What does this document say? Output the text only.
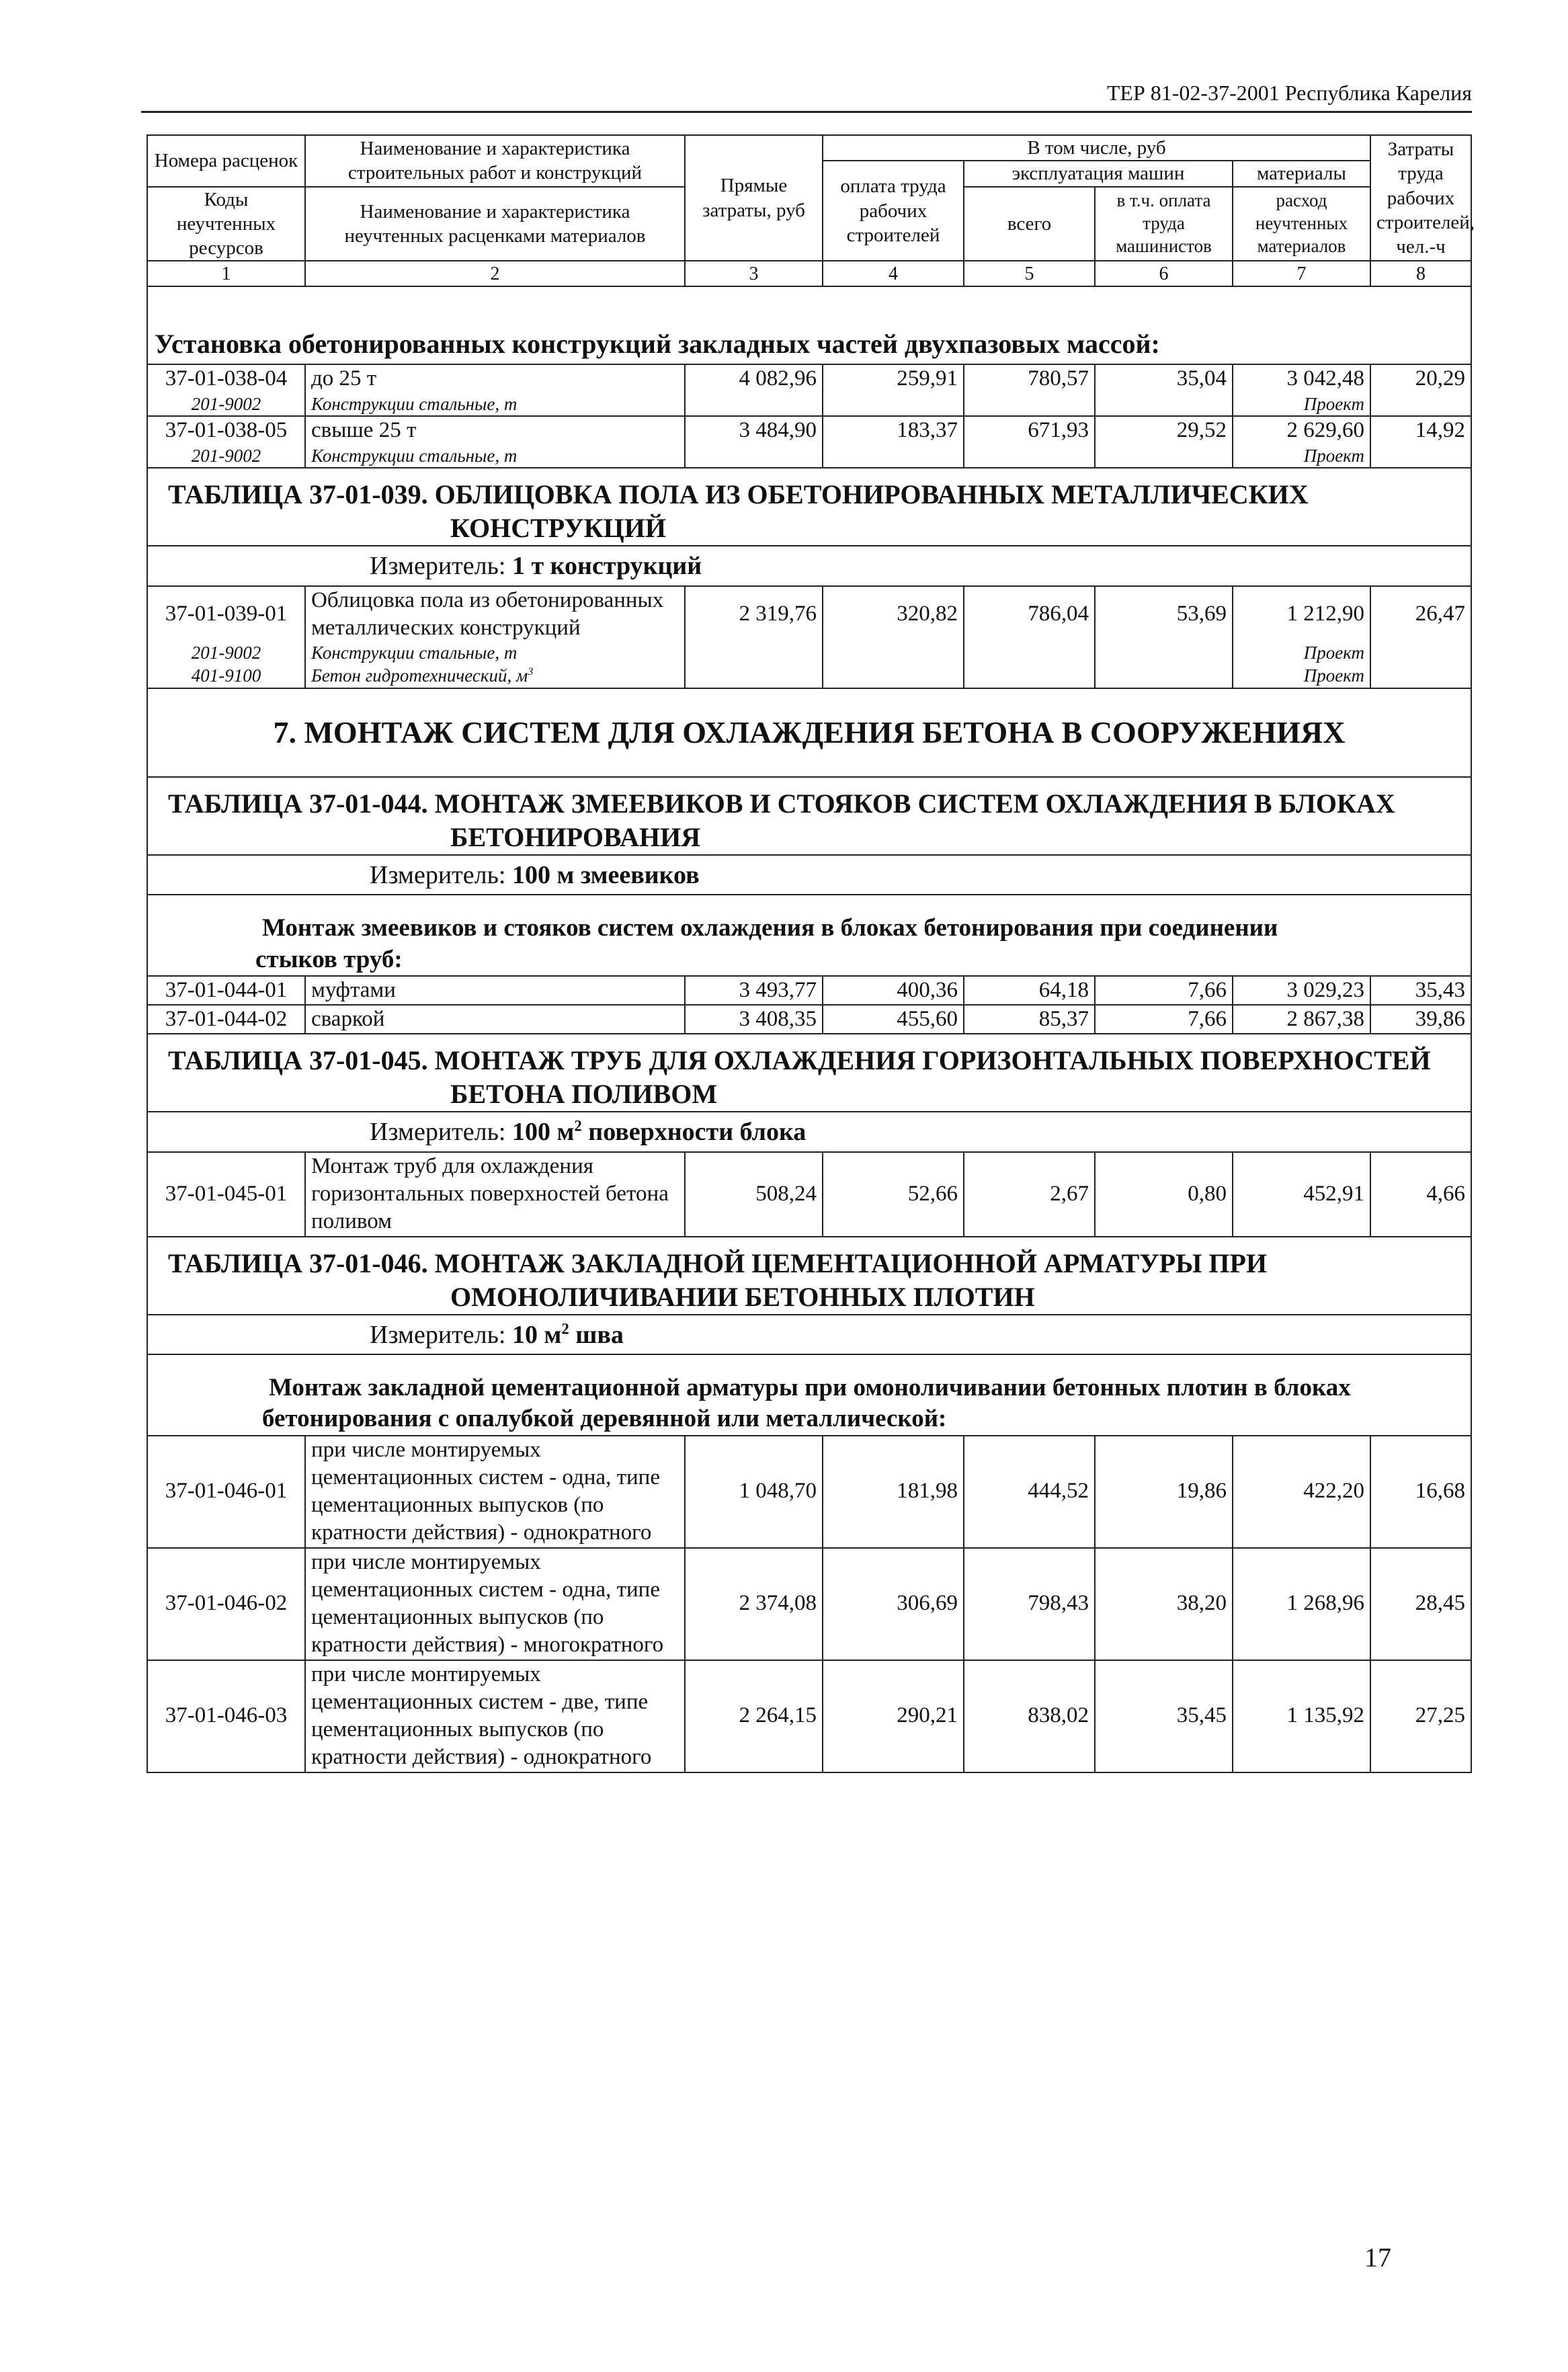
ТЕР 81-02-37-2001 Республика Карелия
Номера расценок	Наименование и характеристика строительных работ и конструкций	Прямые затраты, руб	В том числе, руб				Затраты труда рабочих строителей, чел.-ч
			оплата труда рабочих строителей	эксплуатация машин		материалы	
Коды неучтенных ресурсов	Наименование и характеристика неучтенных расценками материалов			всего	в т.ч. оплата труда машинистов	расход неучтенных материалов	

1	2	3	4	5	6	7	8
Установка обетонированных конструкций закладных частей двухпазовых массой:							
37-01-038-04	до 25 т	4 082,96	259,91	780,57	35,04	3 042,48	20,29
201-9002	Конструкции стальные, т					Проект	
37-01-038-05	свыше 25 т	3 484,90	183,37	671,93	29,52	2 629,60	14,92
201-9002	Конструкции стальные, т					Проект	
ТАБЛИЦА 37-01-039. ОБЛИЦОВКА ПОЛА ИЗ ОБЕТОНИРОВАННЫХ МЕТАЛЛИЧЕСКИХ
КОНСТРУКЦИЙ							

Измеритель: 1 т конструкций							
37-01-039-01	Облицовка пола из обетонированных металлических конструкций	2 319,76	320,82	786,04	53,69	1 212,90	26,47
201-9002	Конструкции стальные, т					Проект	
401-9100	Бетон гидротехнический, $м^3$					Проект	
7. МОНТАЖ СИСТЕМ ДЛЯ ОХЛАЖДЕНИЯ БЕТОНА В СООРУЖЕНИЯХ							
ТАБЛИЦА 37-01-044. МОНТАЖ ЗМЕЕВИКОВ И СТОЯКОВ СИСТЕМ ОХЛАЖДЕНИЯ В БЛОКАХ
БЕТОНИРОВАНИЯ							

Измеритель: 100 м змеевиков							
Монтаж змеевиков и стояков систем охлаждения в блоках бетонирования при соединении
стыков труб:							

37-01-044-01	муфтами	3 493,77	400,36	64,18	7,66	3 029,23	35,43
37-01-044-02	сваркой	3 408,35	455,60	85,37	7,66	2 867,38	39,86
ТАБЛИЦА 37-01-045. МОНТАЖ ТРУБ ДЛЯ ОХЛАЖДЕНИЯ ГОРИЗОНТАЛЬНЫХ ПОВЕРХНОСТЕЙ
БЕТОНА ПОЛИВОМ							

Измеритель: 100 $м^2$ поверхности блока							
37-01-045-01	Монтаж труб для охлаждения горизонтальных поверхностей бетона поливом	508,24	52,66	2,67	0,80	452,91	4,66
ТАБЛИЦА 37-01-046. МОНТАЖ ЗАКЛАДНОЙ ЦЕМЕНТАЦИОННОЙ АРМАТУРЫ ПРИ
ОМОНОЛИЧИВАНИИ БЕТОННЫХ ПЛОТИН							

Измеритель: 10 $м^2$ шва							
Монтаж закладной цементационной арматуры при омоноличивании бетонных плотин в блоках
бетонирования с опалубкой деревянной или металлической:							

37-01-046-01	при числе монтируемых цементационных систем - одна, типе цементационных выпусков (по кратности действия) - однократного	1 048,70	181,98	444,52	19,86	422,20	16,68
37-01-046-02	при числе монтируемых цементационных систем - одна, типе цементационных выпусков (по кратности действия) - многократного	2 374,08	306,69	798,43	38,20	1 268,96	28,45
37-01-046-03	при числе монтируемых цементационных систем - две, типе цементационных выпусков (по кратности действия) - однократного	2 264,15	290,21	838,02	35,45	1 135,92	27,25
17
